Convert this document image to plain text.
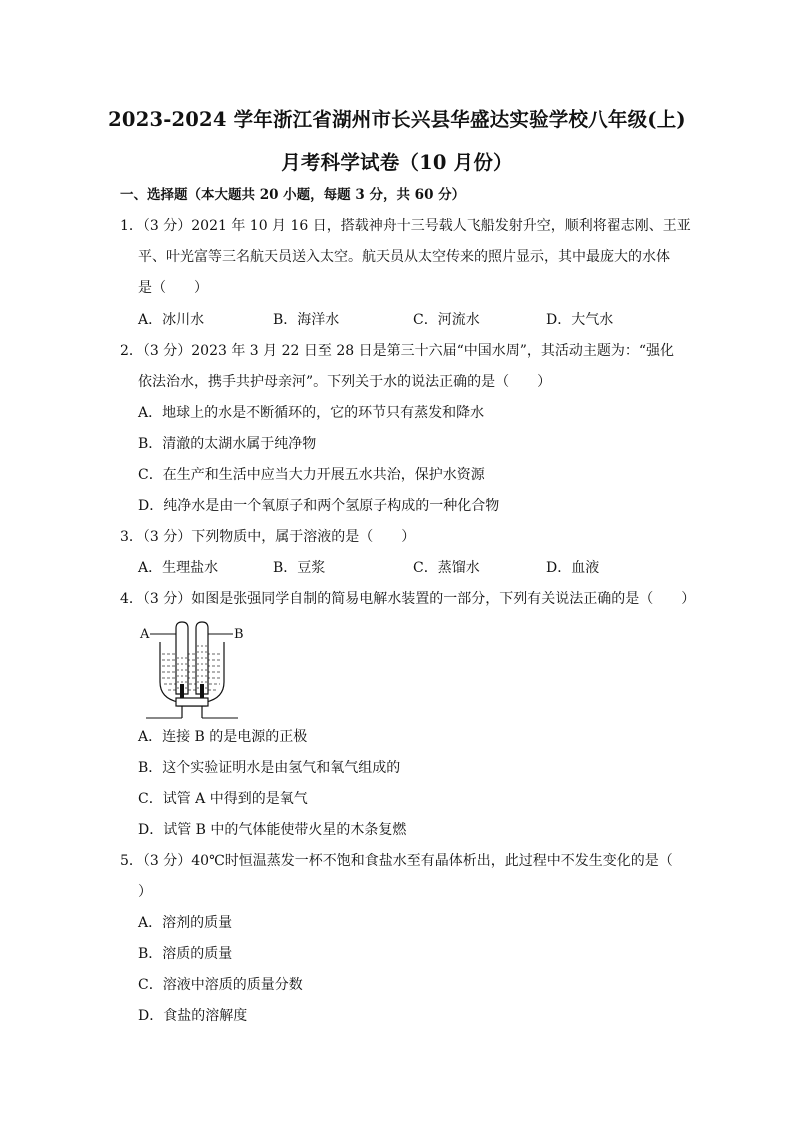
2023-2024 学年浙江省湖州市长兴县华盛达实验学校八年级(上)
月考科学试卷（10 月份）
一、选择题（本大题共 20 小题，每题 3 分，共 60 分）
1．（3 分）2021 年 10 月 16 日，搭载神舟十三号载人飞船发射升空，顺利将翟志刚、王亚
平、叶光富等三名航天员送入太空。航天员从太空传来的照片显示，其中最庞大的水体
是（　　）
A．冰川水	B．海洋水	C．河流水	D．大气水
2．（3 分）2023 年 3 月 22 日至 28 日是第三十六届“中国水周”，其活动主题为：“强化
依法治水，携手共护母亲河”。下列关于水的说法正确的是（　　）
A．地球上的水是不断循环的，它的环节只有蒸发和降水
B．清澈的太湖水属于纯净物
C．在生产和生活中应当大力开展五水共治，保护水资源
D．纯净水是由一个氧原子和两个氢原子构成的一种化合物
3．（3 分）下列物质中，属于溶液的是（　　）
A．生理盐水	B．豆浆	C．蒸馏水	D．血液
4．（3 分）如图是张强同学自制的简易电解水装置的一部分，下列有关说法正确的是（　　）
A	B
A．连接 B 的是电源的正极
B．这个实验证明水是由氢气和氧气组成的
C．试管 A 中得到的是氧气
D．试管 B 中的气体能使带火星的木条复燃
5．（3 分）40℃时恒温蒸发一杯不饱和食盐水至有晶体析出，此过程中不发生变化的是（
）
A．溶剂的质量
B．溶质的质量
C．溶液中溶质的质量分数
D．食盐的溶解度
